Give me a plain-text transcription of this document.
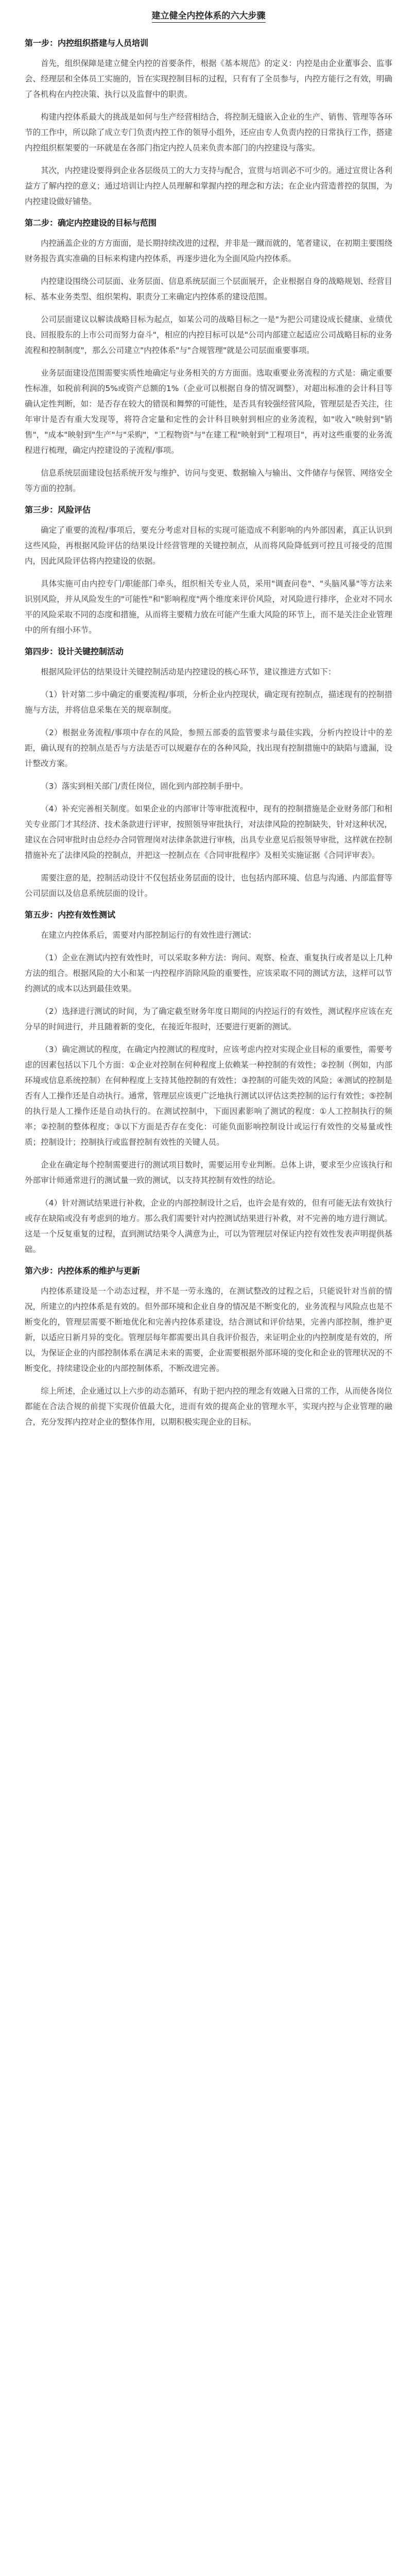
建立健全内控体系的六大步骤
第一步：内控组织搭建与人员培训

首先，组织保障是建立健全内控的首要条件，根据《基本规范》的定义：内控是由企业董事会、监事会、经理层和全体员工实施的，旨在实现控制目标的过程，只有有了全员参与，内控方能行之有效，明确了各机构在内控决策、执行以及监督中的职责。

构建内控体系最大的挑战是如何与生产经营相结合，将控制无缝嵌入企业的生产、销售、管理等各环节的工作中，所以除了成立专门负责内控工作的领导小组外，还应由专人负责内控的日常执行工作，搭建内控组织框架要的一环就是在各部门指定内控人员来负责本部门的内控建设与落实。

其次，内控建设要得到企业各层级员工的大力支持与配合，宣贯与培训必不可少的。通过宣贯让各利益方了解内控的意义；通过培训让内控人员理解和掌握内控的理念和方法；在企业内营造普控的氛围，为内控建设做好铺垫。

第二步：确定内控建设的目标与范围

内控涵盖企业的方方面面，是长期持续改进的过程，并非是一蹴而就的，笔者建议，在初期主要围绕财务报告真实准确的目标来构建内控体系，再逐步进化为全面风险内控体系。

内控建设围绕公司层面、业务层面、信息系统层面三个层面展开，企业根据自身的战略规划、经营目标、基本业务类型、组织架构、职责分工来确定内控体系的建设范围。

公司层面建议以解读战略目标为起点，如某公司的战略目标之一是"为把公司建设成长健康、业绩优良、回报股东的上市公司而努力奋斗"，相应的内控目标可以是"公司内部建立起适应公司战略目标的业务流程和控制制度"，那么公司建立"内控体系"与"合规管理"就是公司层面重要事项。

业务层面建设范围需要实质性地确定与业务相关的方方面面。选取重要业务流程的方式是：确定重要性标准，如税前利润的5%或资产总额的1%（企业可以根据自身的情况调整），对超出标准的会计科目等确认定性判断，如：是否存在较大的错误和舞弊的可能性，是否具有较强经营风险，管理层是否关注，往年审计是否有重大发现等，将符合定量和定性的会计科目映射到相应的业务流程，如"收入"映射到"销售"，"成本"映射到"生产"与"采购"，"工程物资"与"在建工程"映射到"工程项目"，再对这些重要的业务流程进行梳理，确定内控建设的子流程/事项。

信息系统层面建设包括系统开发与维护、访问与变更、数据输入与输出、文件储存与保管、网络安全等方面的控制。

第三步：风险评估

确定了重要的流程/事项后，要充分考虑对目标的实现可能造成不利影响的内外部因素，真正认识到这些风险，再根据风险评估的结果设计经营管理的关键控制点，从而将风险降低到可控且可接受的范围内，因此风险评估将内控建设的依据。

具体实施可由内控专门/职能部门牵头，组织相关专业人员，采用"调查问卷"、"头脑风暴"等方法来识别风险，并从风险发生的"可能性"和"影响程度"两个维度来评价风险，对风险进行排序，企业对不同水平的风险采取不同的态度和措施，从而将主要精力放在可能产生重大风险的环节上，而不是关注企业管理中的所有细小环节。

第四步：设计关键控制活动

根据风险评估的结果设计关键控制活动是内控建设的核心环节，建议推进方式如下：

（1）针对第二步中确定的重要流程/事项，分析企业内控现状，确定现有控制点，描述现有的控制措施与方法，并将信息采集在关的规章制度。

（2）根据业务流程/事项中存在的风险，参照五部委的监管要求与最佳实践，分析内控设计中的差距，确认现有的控制点是否与方法是否可以规避存在的各种风险，找出现有控制措施中的缺陷与遗漏，设计整改方案。

（3）落实到相关部门/责任岗位，固化到内部控制手册中。

（4）补充完善相关制度。如果企业的内部审计等审批流程中，现有的控制措施是企业财务部门和相关专业部门才其经济、技术条款进行评审，按照领导审批执行，对法律风险的控制缺失，针对这种状况，建议在合同审批时由总经办合同管理岗对法律条款进行审核，出具专业意见后报领导审批，这样就在控制措施补充了法律风险的控制点，并把这一控制点在《合同审批程序》及相关实施证据《合同评审表》。

需要注意的是，控制活动设计不仅包括业务层面的设计，也包括内部环境、信息与沟通、内部监督等公司层面以及信息系统层面的设计。

第五步：内控有效性测试

在建立内控体系后，需要对内部控制运行的有效性进行测试：

（1）企业在测试内控有效性时，可以采取多种方法：询问、观察、检查、重复执行或者是以上几种方法的组合。根据风险的大小和某一内控程序消除风险的重要性，应该采取不同的测试方法，这样可以节约测试的成本以达到最佳效果。

（2）选择进行测试的时间，为了确定截至财务年度日期间的内控运行的有效性，测试程序应该在充分早的时间进行，并且随着新的变化，在接近年报时，还要进行更新的测试。

（3）确定测试的程度，在确定内控测试的程度时，应该考虑内控对实现企业目标的重要性，需要考虑的因素包括以下几个方面：①企业对控制在何种程度上依赖某一种控制的有效性；②控制（例如，内部环境或信息系统控制）在何种程度上支持其他控制的有效性；③控制的可能失效的风险；④测试的控制是否有人工操作还是自动执行。通常，管理层应该更广泛地执行测试以评估这类控制的运行有效性；⑤控制的执行是人工操作还是自动执行的。在测试控制中，下面因素影响了测试的程度：①人工控制执行的频率；②控制的整体程度；③以下方面是否存在变化：可能负面影响控制设计或运行有效性的交易量或性质；控制设计；控制执行或监督控制有效性的关键人员。

企业在确定每个控制需要进行的测试项目数时，需要运用专业判断。总体上讲，要求至少应该执行和外部审计师通常进行的测试量一致的测试，以支持其控制有效性的结论。

（4）针对测试结果进行补救，企业的内部控制设计之后，也许会是有效的，但有可能无法有效执行或存在缺陷或没有考虑到的地方。那么我们需要针对内控测试结果进行补救，对不完善的地方进行测试。这是一个反复重复的过程，直到测试结果令人满意为止，可以为管理层对保证内控有效性发表声明提供基础。

第六步：内控体系的维护与更新

内控体系建设是一个动态过程，并不是一劳永逸的，在测试整改的过程之后，只能说针对当前的情况，所建立的内控体系是有效的。但外部环境和企业自身的情况是不断变化的，业务流程与风险点也是不断变化的，管理层需要不断地优化和完善内控体系建设，结合测试和评价结果，完善内部控制，维护更新，以适应日新月异的变化。管理层每年都需要出具自我评价报告，来证明企业的内控制度是有效的，所以，为保证企业的内部控制体系在满足未来的需要，企业需要根据外部环境的变化和企业的管理状况的不断变化，持续建设企业的内部控制体系，不断改进完善。

综上所述，企业通过以上六步的动态循环，有助于把内控的理念有效融入日常的工作，从而使各岗位都能在合法合规的前提下实现价值最大化，进而有效的提高企业的管理水平，实现内控与企业管理的融合，充分发挥内控对企业的整体作用，以期积极实现企业的目标。
